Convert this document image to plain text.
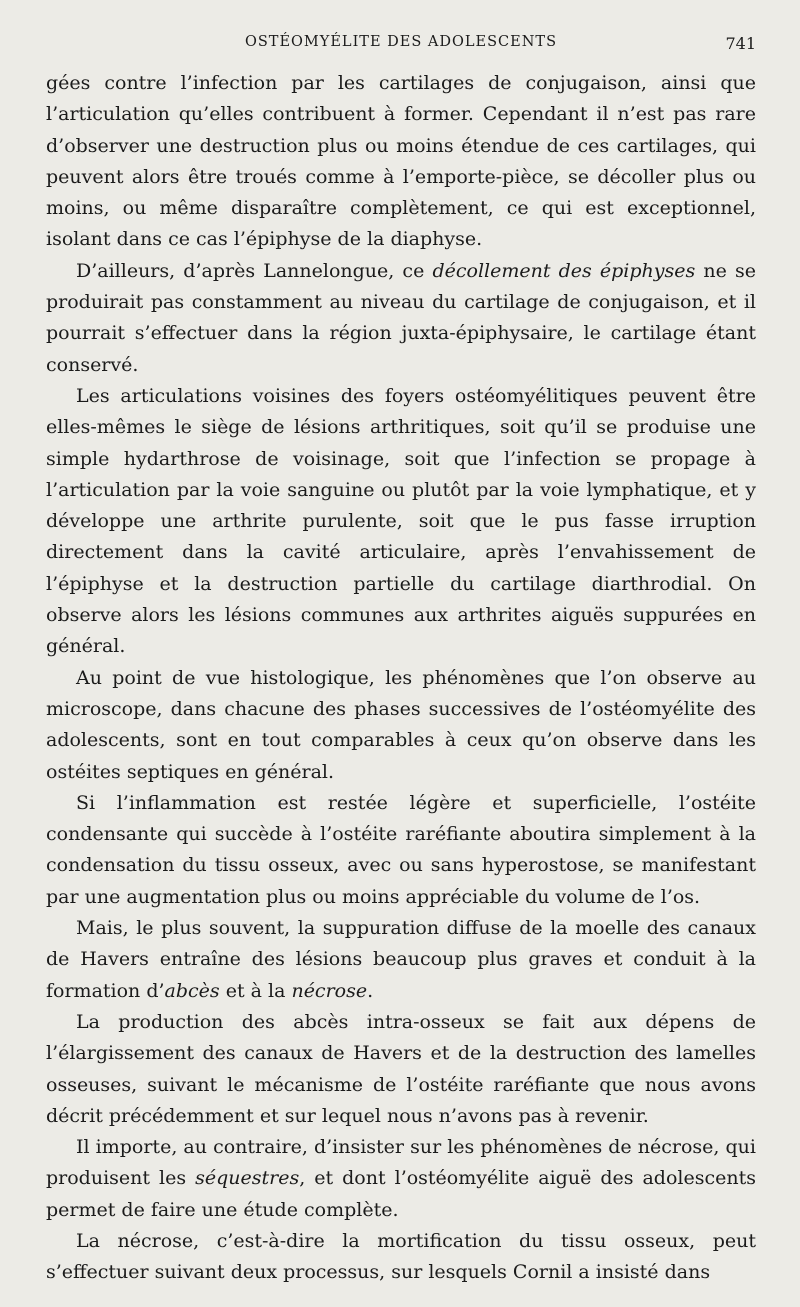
OSTÉOMYÉLITE DES ADOLESCENTS	741

gées contre l’infection par les cartilages de conjugaison, ainsi que l’articulation qu’elles contribuent à former. Cependant il n’est pas rare d’observer une destruction plus ou moins étendue de ces cartilages, qui peuvent alors être troués comme à l’emporte-pièce, se décoller plus ou moins, ou même disparaître complètement, ce qui est exceptionnel, isolant dans ce cas l’épiphyse de la diaphyse.

D’ailleurs, d’après Lannelongue, ce décollement des épiphyses ne se produirait pas constamment au niveau du cartilage de conjugaison, et il pourrait s’effectuer dans la région juxta-épiphysaire, le cartilage étant conservé.

Les articulations voisines des foyers ostéomyélitiques peuvent être elles-mêmes le siège de lésions arthritiques, soit qu’il se produise une simple hydarthrose de voisinage, soit que l’infection se propage à l’articulation par la voie sanguine ou plutôt par la voie lymphatique, et y développe une arthrite purulente, soit que le pus fasse irruption directement dans la cavité articulaire, après l’envahissement de l’épiphyse et la destruction partielle du cartilage diarthrodial. On observe alors les lésions communes aux arthrites aiguës suppurées en général.

Au point de vue histologique, les phénomènes que l’on observe au microscope, dans chacune des phases successives de l’ostéomyélite des adolescents, sont en tout comparables à ceux qu’on observe dans les ostéites septiques en général.

Si l’inflammation est restée légère et superficielle, l’ostéite condensante qui succède à l’ostéite raréfiante aboutira simplement à la condensation du tissu osseux, avec ou sans hyperostose, se manifestant par une augmentation plus ou moins appréciable du volume de l’os.

Mais, le plus souvent, la suppuration diffuse de la moelle des canaux de Havers entraîne des lésions beaucoup plus graves et conduit à la formation d’abcès et à la nécrose.

La production des abcès intra-osseux se fait aux dépens de l’élargissement des canaux de Havers et de la destruction des lamelles osseuses, suivant le mécanisme de l’ostéite raréfiante que nous avons décrit précédemment et sur lequel nous n’avons pas à revenir.

Il importe, au contraire, d’insister sur les phénomènes de nécrose, qui produisent les séquestres, et dont l’ostéomyélite aiguë des adolescents permet de faire une étude complète.

La nécrose, c’est-à-dire la mortification du tissu osseux, peut s’effectuer suivant deux processus, sur lesquels Cornil a insisté dans
